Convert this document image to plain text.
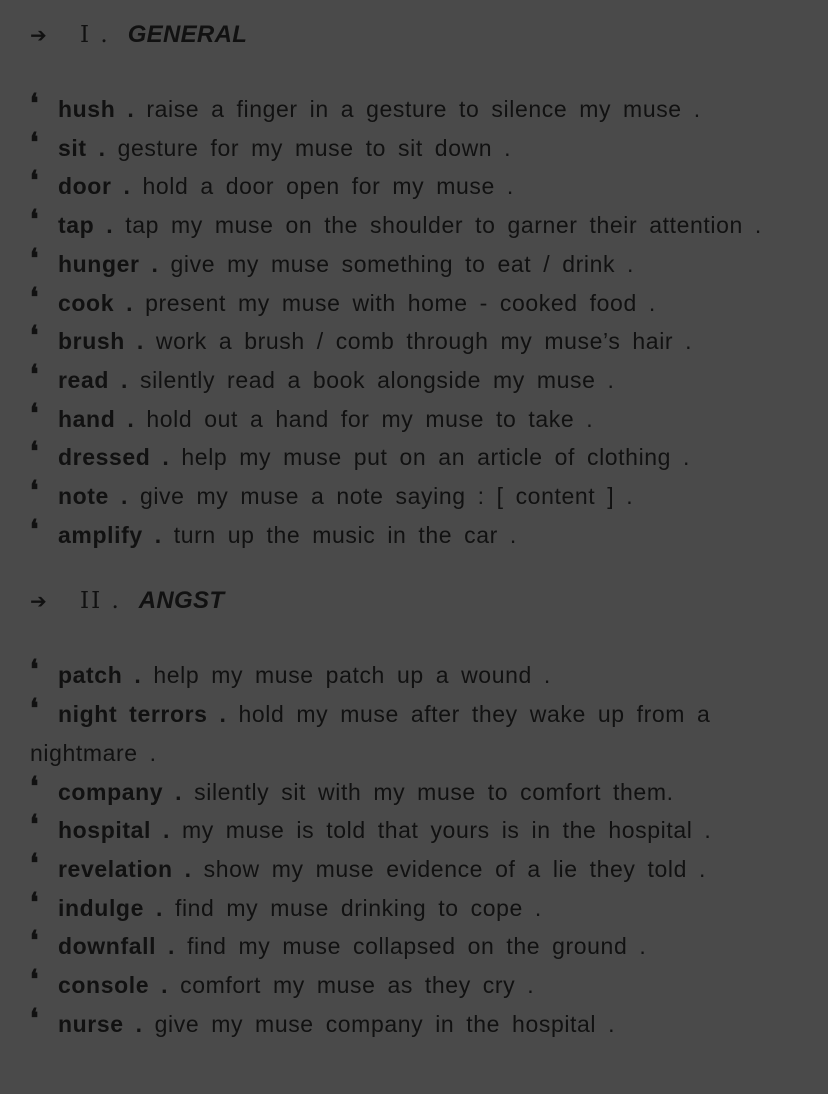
➔	I . GENERAL
❛ hush . raise a finger in a gesture to silence my muse .
❛ sit . gesture for my muse to sit down .
❛ door . hold a door open for my muse .
❛ tap . tap my muse on the shoulder to garner their attention .
❛ hunger . give my muse something to eat / drink .
❛ cook . present my muse with home - cooked food .
❛ brush . work a brush / comb through my muse’s hair .
❛ read . silently read a book alongside my muse .
❛ hand . hold out a hand for my muse to take .
❛ dressed . help my muse put on an article of clothing .
❛ note . give my muse a note saying : [ content ] .
❛ amplify . turn up the music in the car .
➔	II . ANGST
❛ patch . help my muse patch up a wound .
❛ night terrors . hold my muse after they wake up from a nightmare .
❛ company . silently sit with my muse to comfort them.
❛ hospital . my muse is told that yours is in the hospital .
❛ revelation . show my muse evidence of a lie they told .
❛ indulge . find my muse drinking to cope .
❛ downfall . find my muse collapsed on the ground .
❛ console . comfort my muse as they cry .
❛ nurse . give my muse company in the hospital .
